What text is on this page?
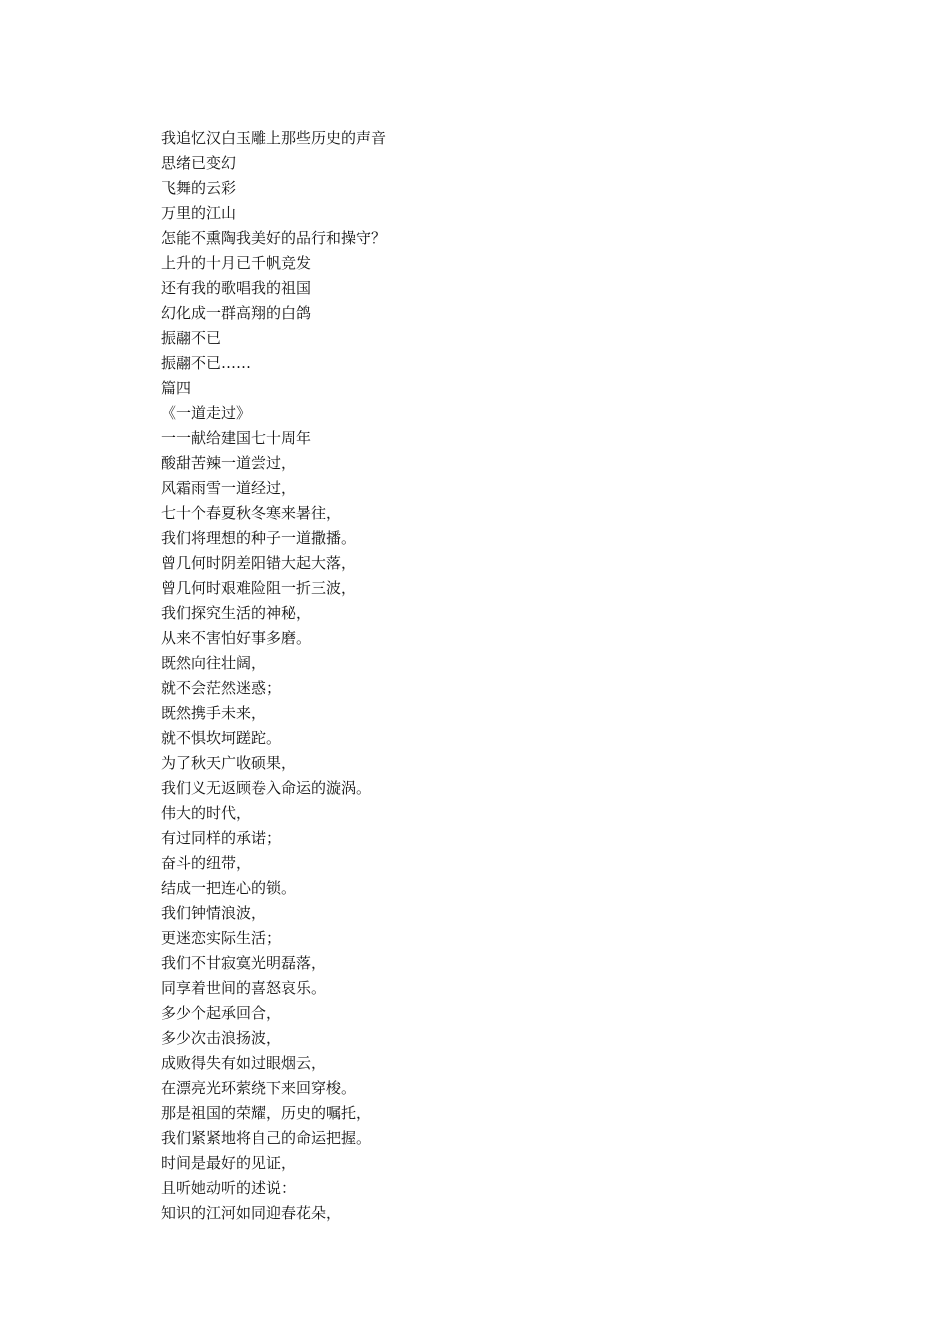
我追忆汉白玉雕上那些历史的声音

思绪已变幻

飞舞的云彩

万里的江山

怎能不熏陶我美好的品行和操守？

上升的十月已千帆竞发

还有我的歌唱我的祖国

幻化成一群高翔的白鸽

振翮不已

振翮不已……

篇四

《一道走过》

一一献给建国七十周年

酸甜苦辣一道尝过，

风霜雨雪一道经过，

七十个春夏秋冬寒来暑往，

我们将理想的种子一道撒播。

曾几何时阴差阳错大起大落，

曾几何时艰难险阻一折三波，

我们探究生活的神秘，

从来不害怕好事多磨。

既然向往壮阔，

就不会茫然迷惑；

既然携手未来，

就不惧坎坷蹉跎。

为了秋天广收硕果，

我们义无返顾卷入命运的漩涡。

伟大的时代，

有过同样的承诺；

奋斗的纽带，

结成一把连心的锁。

我们钟情浪波，

更迷恋实际生活；

我们不甘寂寞光明磊落，

同享着世间的喜怒哀乐。

多少个起承回合，

多少次击浪扬波，

成败得失有如过眼烟云，

在漂亮光环萦绕下来回穿梭。

那是祖国的荣耀，历史的嘱托，

我们紧紧地将自己的命运把握。

时间是最好的见证，

且听她动听的述说：

知识的江河如同迎春花朵，
